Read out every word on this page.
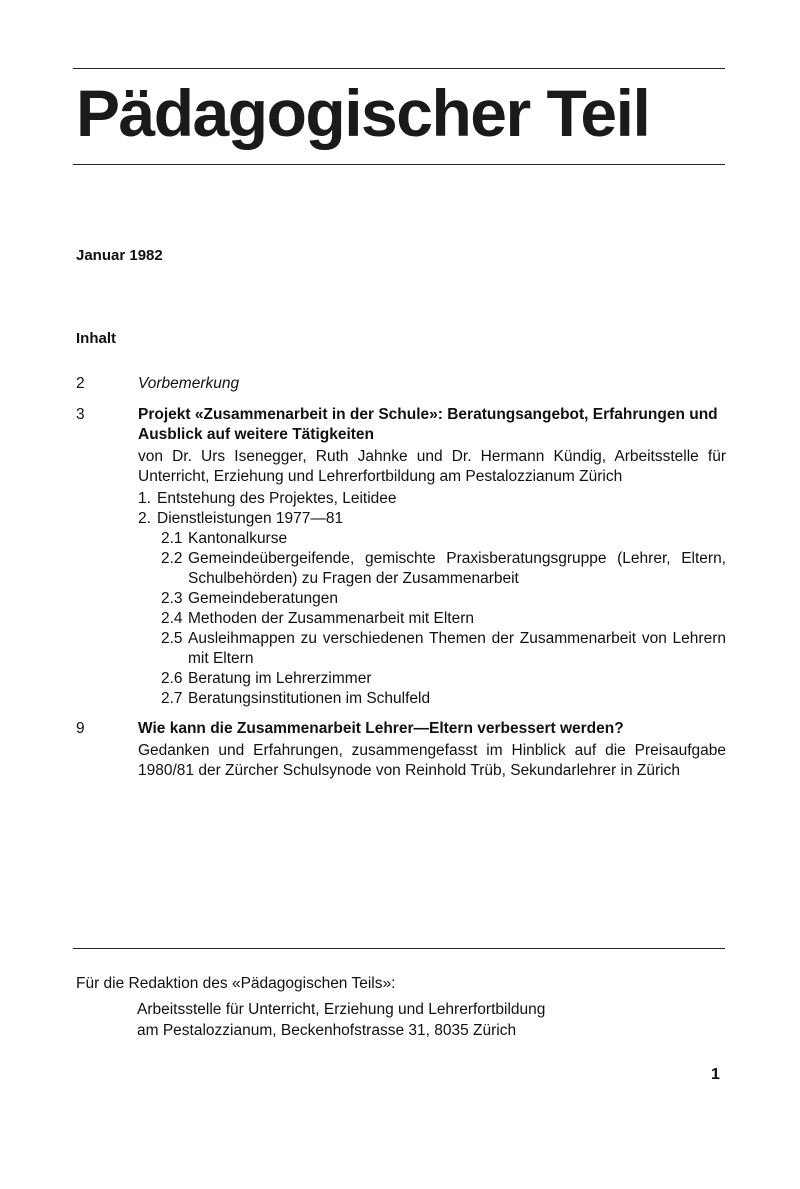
Pädagogischer Teil
Januar 1982
Inhalt
2	Vorbemerkung
3	Projekt «Zusammenarbeit in der Schule»: Beratungsangebot, Erfahrungen und Ausblick auf weitere Tätigkeiten
von Dr. Urs Isenegger, Ruth Jahnke und Dr. Hermann Kündig, Arbeitsstelle für Unterricht, Erziehung und Lehrerfortbildung am Pestalozzianum Zürich
1. Entstehung des Projektes, Leitidee
2. Dienstleistungen 1977—81
2.1 Kantonalkurse
2.2 Gemeindeübergeifende, gemischte Praxisberatungsgruppe (Lehrer, Eltern, Schulbehörden) zu Fragen der Zusammenarbeit
2.3 Gemeindeberatungen
2.4 Methoden der Zusammenarbeit mit Eltern
2.5 Ausleihmappen zu verschiedenen Themen der Zusammenarbeit von Lehrern mit Eltern
2.6 Beratung im Lehrerzimmer
2.7 Beratungsinstitutionen im Schulfeld
9	Wie kann die Zusammenarbeit Lehrer—Eltern verbessert werden?
Gedanken und Erfahrungen, zusammengefasst im Hinblick auf die Preisaufgabe 1980/81 der Zürcher Schulsynode von Reinhold Trüb, Sekundarlehrer in Zürich
Für die Redaktion des «Pädagogischen Teils»:
Arbeitsstelle für Unterricht, Erziehung und Lehrerfortbildung
am Pestalozzianum, Beckenhofstrasse 31, 8035 Zürich
1
